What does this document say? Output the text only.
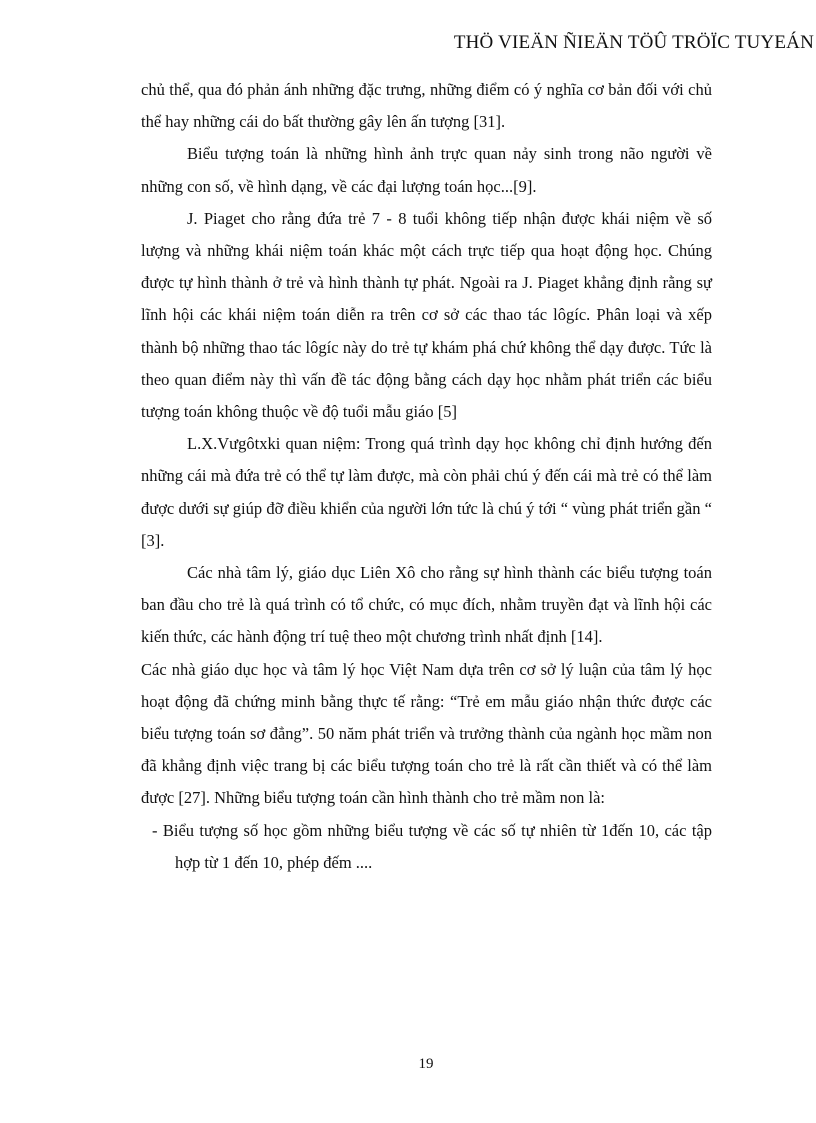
THÖ VIEÄN ÑIEÄN TÖÛ TRÖÏC TUYEÁN

chủ thể, qua đó phản ánh những đặc trưng, những điểm có ý nghĩa cơ bản đối với chủ thể hay những cái do bất thường gây lên ấn tượng [31].

Biểu tượng toán là những hình ảnh trực quan nảy sinh trong não người về những con số, về hình dạng, về các đại lượng toán học...[9].

J. Piaget cho rằng đứa trẻ 7 - 8 tuổi không tiếp nhận được khái niệm về số lượng và những khái niệm toán khác một cách trực tiếp qua hoạt động học. Chúng được tự hình thành ở trẻ và hình thành tự phát. Ngoài ra J. Piaget khẳng định rằng sự lĩnh hội các khái niệm toán diễn ra trên cơ sở các thao tác lôgíc. Phân loại và xếp thành bộ những thao tác lôgíc này do trẻ tự khám phá chứ không thể dạy được. Tức là theo quan điểm này thì vấn đề tác động bằng cách dạy học nhằm phát triển các biểu tượng toán không thuộc về độ tuổi mẫu giáo [5]

L.X.Vưgôtxki quan niệm: Trong quá trình dạy học không chỉ định hướng đến những cái mà đứa trẻ có thể tự làm được, mà còn phải chú ý đến cái mà trẻ có thể làm được dưới sự giúp đỡ điều khiển của người lớn tức là chú ý tới “ vùng phát triển gần “ [3].

Các nhà tâm lý, giáo dục Liên Xô cho rằng sự hình thành các biểu tượng toán ban đầu cho trẻ là quá trình có tổ chức, có mục đích, nhằm truyền đạt và lĩnh hội các kiến thức, các hành động trí tuệ theo một chương trình nhất định [14].

Các nhà giáo dục học và tâm lý học Việt Nam dựa trên cơ sở lý luận của tâm lý học hoạt động đã chứng minh bằng thực tế rằng: “Trẻ em mẫu giáo nhận thức được các biểu tượng toán sơ đẳng”. 50 năm phát triển và trưởng thành của ngành học mầm non đã khẳng định việc trang bị các biểu tượng toán cho trẻ là rất cần thiết và có thể làm được [27]. Những biểu tượng toán cần hình thành cho trẻ mầm non là:

- Biểu tượng số học gồm những biểu tượng về các số tự nhiên từ 1đến 10, các tập hợp từ 1 đến 10, phép đếm ....

19
